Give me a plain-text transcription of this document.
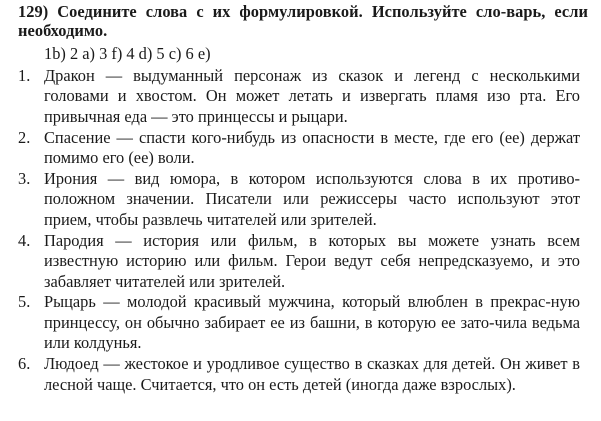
129) Соедините слова с их формулировкой. Используйте сло-варь, если необходимо.
1b) 2 a) 3 f) 4 d) 5 c) 6 e)
1. Дракон — выдуманный персонаж из сказок и легенд с несколькими головами и хвостом. Он может летать и извергать пламя изо рта. Его привычная еда — это принцессы и рыцари.
2. Спасение — спасти кого-нибудь из опасности в месте, где его (ее) держат помимо его (ее) воли.
3. Ирония — вид юмора, в котором используются слова в их противо-положном значении. Писатели или режиссеры часто используют этот прием, чтобы развлечь читателей или зрителей.
4. Пародия — история или фильм, в которых вы можете узнать всем известную историю или фильм. Герои ведут себя непредсказуемо, и это забавляет читателей или зрителей.
5. Рыцарь — молодой красивый мужчина, который влюблен в прекрас-ную принцессу, он обычно забирает ее из башни, в которую ее зато-чила ведьма или колдунья.
6. Людоед — жестокое и уродливое существо в сказках для детей. Он живет в лесной чаще. Считается, что он есть детей (иногда даже взрослых).
